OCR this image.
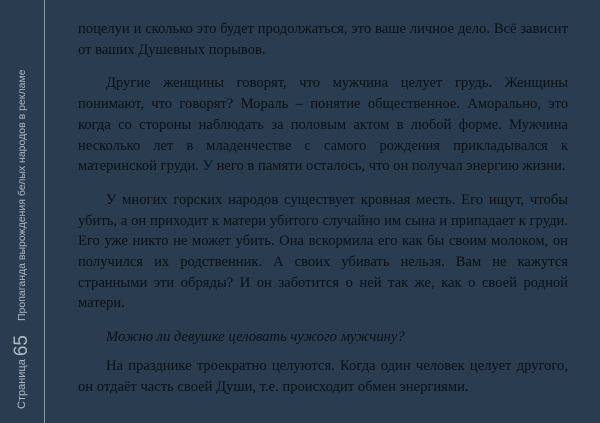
Страница
65
Пропаганда вырождения белых народов в рекламе

поцелуи и сколько это будет продолжаться, это ваше личное дело. Всё зависит от ваших Душевных порывов.

Другие женщины говорят, что мужчина целует грудь. Женщины понимают, что говорят? Мораль – понятие общественное. Аморально, это когда со стороны наблюдать за половым актом в любой форме. Мужчина несколько лет в младенчестве с самого рождения прикладывался к материнской груди. У него в памяти осталось, что он получал энергию жизни.

У многих горских народов существует кровная месть. Его ищут, чтобы убить, а он приходит к матери убитого случайно им сына и припадает к груди. Его уже никто не может убить. Она вскормила его как бы своим молоком, он получился их родственник. А своих убивать нельзя. Вам не кажутся странными эти обряды? И он заботится о ней так же, как о своей родной матери.

Можно ли девушке целовать чужого мужчину?

На празднике троекратно целуются. Когда один человек целует другого, он отдаёт часть своей Души, т.е. происходит обмен энергиями.
